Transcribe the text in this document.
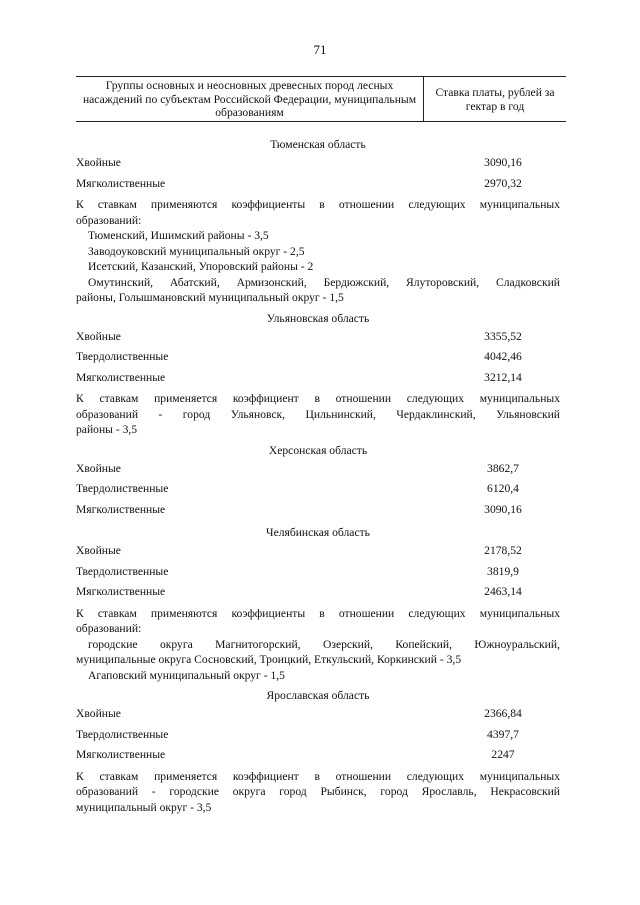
71
Группы основных и неосновных древесных пород лесных насаждений по субъектам Российской Федерации, муниципальным образованиям
Ставка платы, рублей за гектар в год
Тюменская область
Хвойные	3090,16
Мягколиственные	2970,32
К ставкам применяются коэффициенты в отношении следующих муниципальных
образований:
Тюменский, Ишимский районы - 3,5
Заводоуковский муниципальный округ - 2,5
Исетский, Казанский, Упоровский районы - 2
Омутинский, Абатский, Армизонский, Бердюжский, Ялуторовский, Сладковский
районы, Голышмановский муниципальный округ - 1,5
Ульяновская область
Хвойные	3355,52
Твердолиственные	4042,46
Мягколиственные	3212,14
К ставкам применяется коэффициент в отношении следующих муниципальных
образований - город Ульяновск, Цильнинский, Чердаклинский, Ульяновский
районы - 3,5
Херсонская область
Хвойные	3862,7
Твердолиственные	6120,4
Мягколиственные	3090,16
Челябинская область
Хвойные	2178,52
Твердолиственные	3819,9
Мягколиственные	2463,14
К ставкам применяются коэффициенты в отношении следующих муниципальных
образований:
городские округа Магнитогорский, Озерский, Копейский, Южноуральский,
муниципальные округа Сосновский, Троицкий, Еткульский, Коркинский - 3,5
Агаповский муниципальный округ - 1,5
Ярославская область
Хвойные	2366,84
Твердолиственные	4397,7
Мягколиственные	2247
К ставкам применяется коэффициент в отношении следующих муниципальных
образований - городские округа город Рыбинск, город Ярославль, Некрасовский
муниципальный округ - 3,5
